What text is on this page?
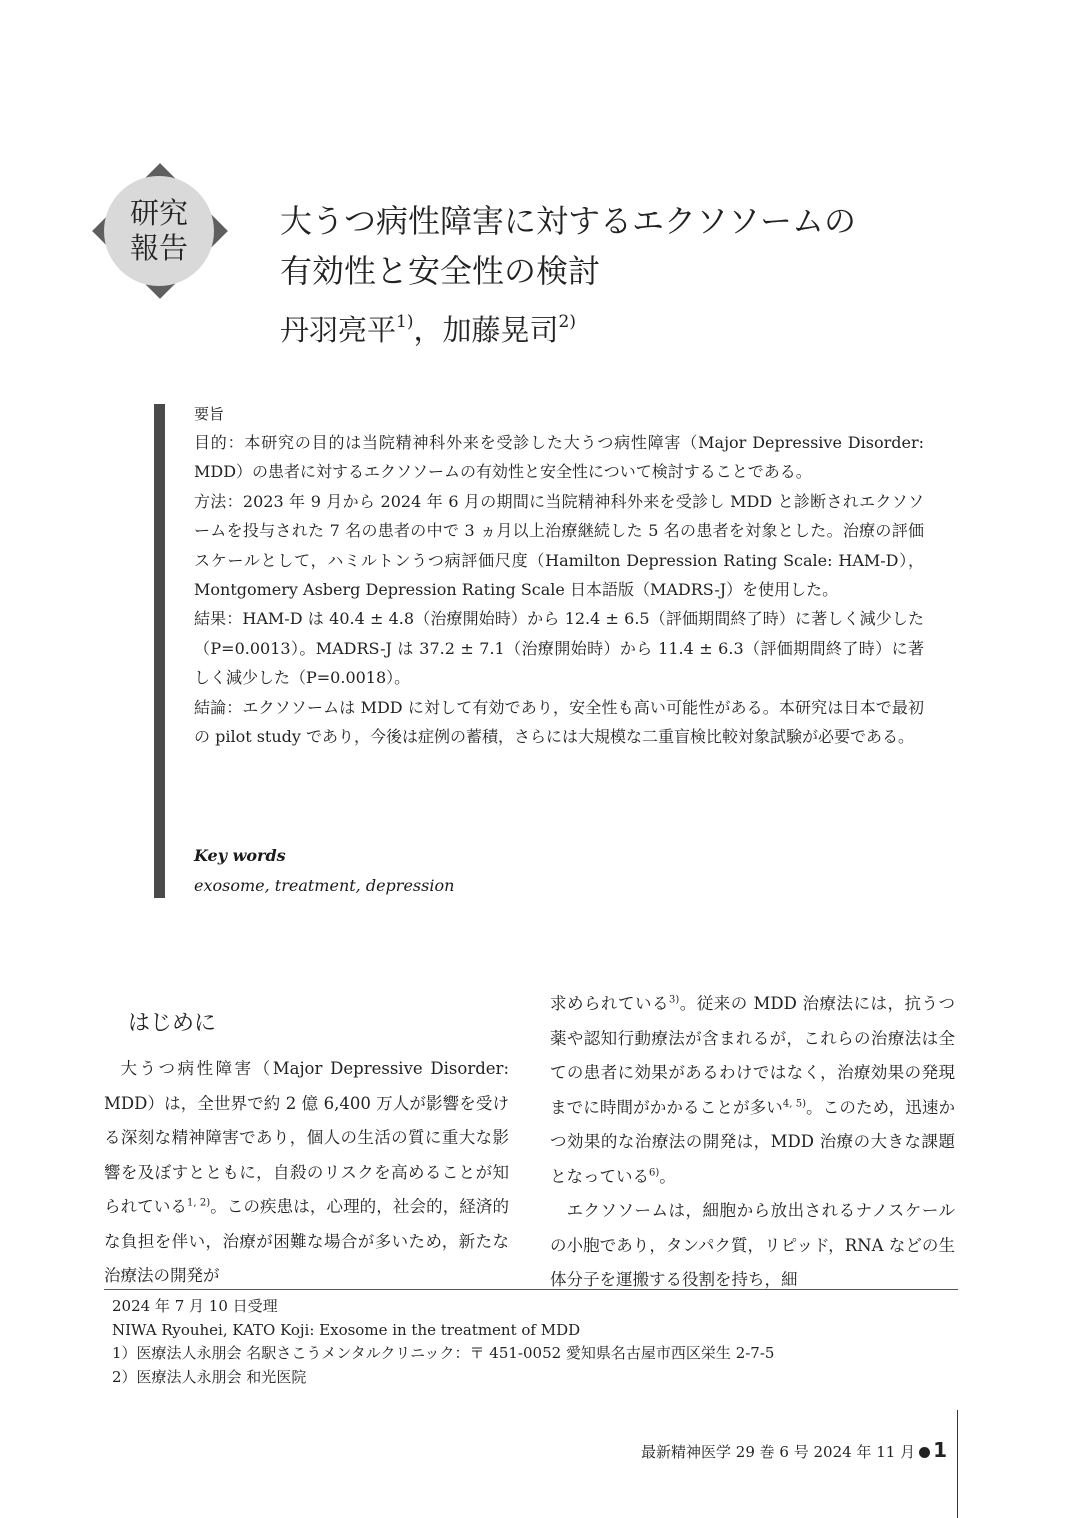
研究
報告
大うつ病性障害に対するエクソソームの
有効性と安全性の検討
丹羽亮平$^{1)}$，加藤晃司$^{2)}$

要旨

目的：本研究の目的は当院精神科外来を受診した大うつ病性障害（Major Depressive Disorder: MDD）の患者に対するエクソソームの有効性と安全性について検討することである。

方法：2023 年 9 月から 2024 年 6 月の期間に当院精神科外来を受診し MDD と診断されエクソソームを投与された 7 名の患者の中で 3 ヵ月以上治療継続した 5 名の患者を対象とした。治療の評価スケールとして，ハミルトンうつ病評価尺度（Hamilton Depression Rating Scale: HAM-D），Montgomery Asberg Depression Rating Scale 日本語版（MADRS-J）を使用した。

結果：HAM-D は 40.4 ± 4.8（治療開始時）から 12.4 ± 6.5（評価期間終了時）に著しく減少した（P=0.0013）。MADRS-J は 37.2 ± 7.1（治療開始時）から 11.4 ± 6.3（評価期間終了時）に著しく減少した（P=0.0018）。

結論：エクソソームは MDD に対して有効であり，安全性も高い可能性がある。本研究は日本で最初の pilot study であり，今後は症例の蓄積，さらには大規模な二重盲検比較対象試験が必要である。

Key words
exosome, treatment, depression
はじめに

大うつ病性障害（Major Depressive Disorder: MDD）は，全世界で約 2 億 6,400 万人が影響を受ける深刻な精神障害であり，個人の生活の質に重大な影響を及ぼすとともに，自殺のリスクを高めることが知られている$^{1, 2)}$。この疾患は，心理的，社会的，経済的な負担を伴い，治療が困難な場合が多いため，新たな治療法の開発が

求められている$^{3)}$。従来の MDD 治療法には，抗うつ薬や認知行動療法が含まれるが，これらの治療法は全ての患者に効果があるわけではなく，治療効果の発現までに時間がかかることが多い$^{4, 5)}$。このため，迅速かつ効果的な治療法の開発は，MDD 治療の大きな課題となっている$^{6)}$。

エクソソームは，細胞から放出されるナノスケールの小胞であり，タンパク質，リピッド，RNA などの生体分子を運搬する役割を持ち，細

2024 年 7 月 10 日受理
NIWA Ryouhei, KATO Koji: Exosome in the treatment of MDD
1）医療法人永朋会 名駅さこうメンタルクリニック：〒 451-0052 愛知県名古屋市西区栄生 2-7-5
2）医療法人永朋会 和光医院
最新精神医学 29 巻 6 号 2024 年 11 月 1
